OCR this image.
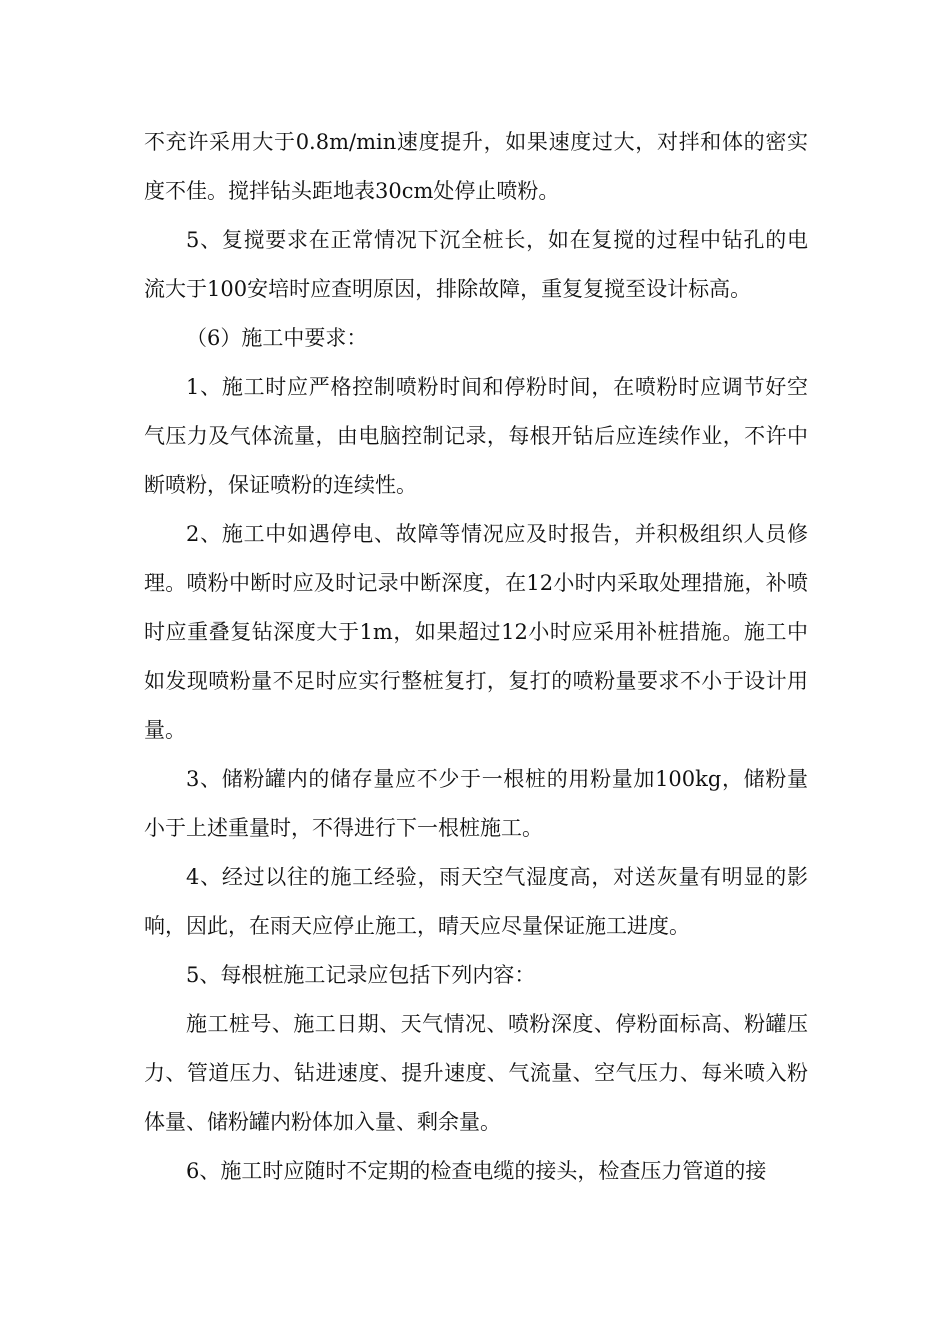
不充许采用大于0.8m/min速度提升，如果速度过大，对拌和体的密实度不佳。搅拌钻头距地表30cm处停止喷粉。

5、复搅要求在正常情况下沉全桩长，如在复搅的过程中钻孔的电流大于100安培时应查明原因，排除故障，重复复搅至设计标高。

（6）施工中要求：

1、施工时应严格控制喷粉时间和停粉时间，在喷粉时应调节好空气压力及气体流量，由电脑控制记录，每根开钻后应连续作业，不许中断喷粉，保证喷粉的连续性。

2、施工中如遇停电、故障等情况应及时报告，并积极组织人员修理。喷粉中断时应及时记录中断深度，在12小时内采取处理措施，补喷时应重叠复钻深度大于1m，如果超过12小时应采用补桩措施。施工中如发现喷粉量不足时应实行整桩复打，复打的喷粉量要求不小于设计用量。

3、储粉罐内的储存量应不少于一根桩的用粉量加100kg，储粉量小于上述重量时，不得进行下一根桩施工。

4、经过以往的施工经验，雨天空气湿度高，对送灰量有明显的影响，因此，在雨天应停止施工，晴天应尽量保证施工进度。

5、每根桩施工记录应包括下列内容：

施工桩号、施工日期、天气情况、喷粉深度、停粉面标高、粉罐压力、管道压力、钻进速度、提升速度、气流量、空气压力、每米喷入粉体量、储粉罐内粉体加入量、剩余量。

6、施工时应随时不定期的检查电缆的接头，检查压力管道的接
